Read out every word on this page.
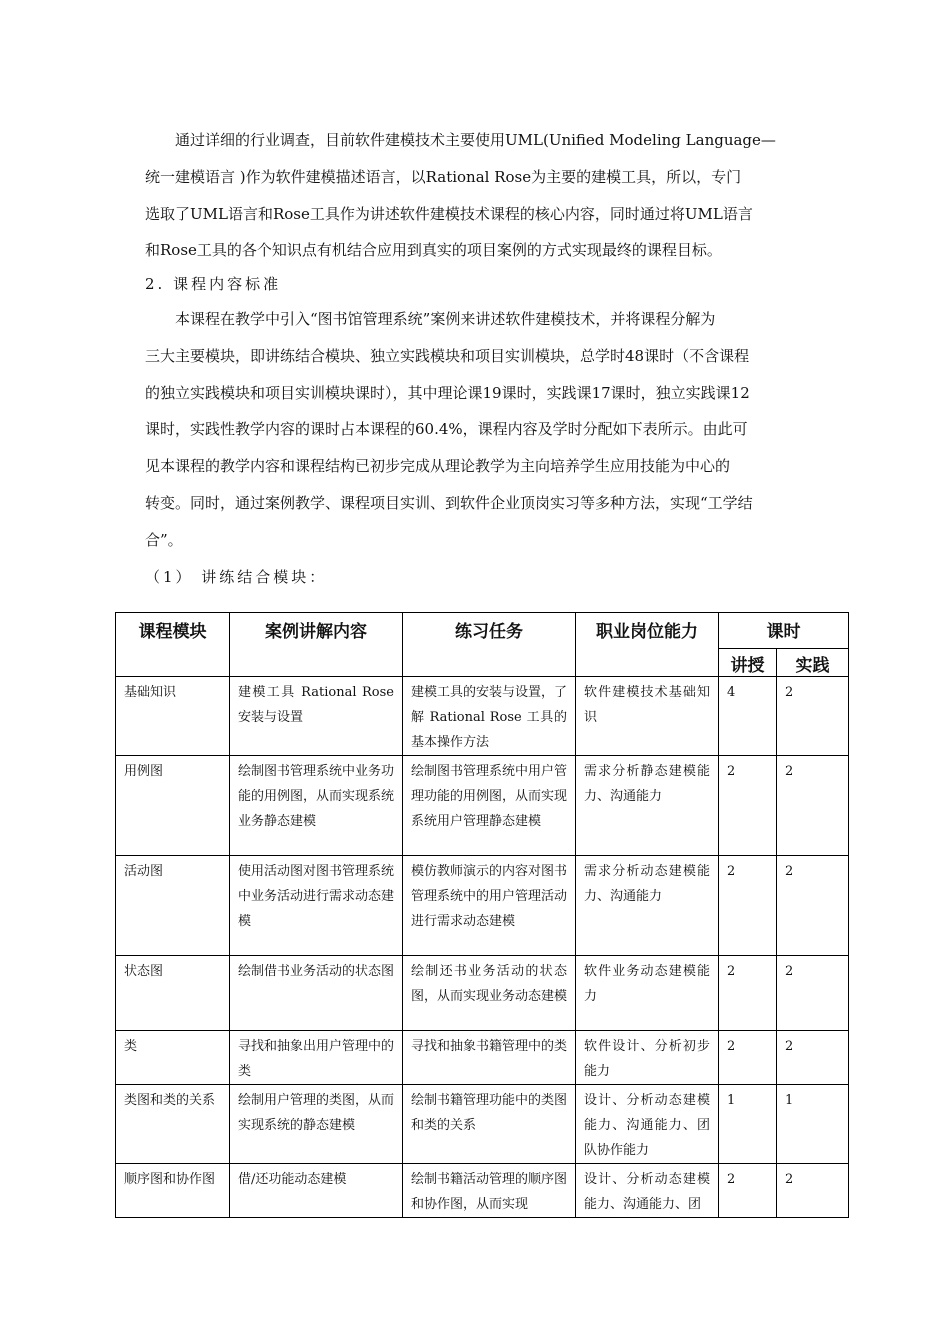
通过详细的行业调查，目前软件建模技术主要使用UML(Unified Modeling Language—
统一建模语言 )作为软件建模描述语言，以Rational Rose为主要的建模工具，所以，专门
选取了UML语言和Rose工具作为讲述软件建模技术课程的核心内容，同时通过将UML语言
和Rose工具的各个知识点有机结合应用到真实的项目案例的方式实现最终的课程目标。

2. 课程内容标准

本课程在教学中引入“图书馆管理系统”案例来讲述软件建模技术，并将课程分解为
三大主要模块，即讲练结合模块、独立实践模块和项目实训模块，总学时48课时（不含课程
的独立实践模块和项目实训模块课时），其中理论课19课时，实践课17课时，独立实践课12
课时，实践性教学内容的课时占本课程的60.4%，课程内容及学时分配如下表所示。由此可
见本课程的教学内容和课程结构已初步完成从理论教学为主向培养学生应用技能为中心的
转变。同时，通过案例教学、课程项目实训、到软件企业顶岗实习等多种方法，实现“工学结
合”。

（1） 讲练结合模块：

课程模块	案例讲解内容	练习任务	职业岗位能力	课时	
				讲授	实践
基础知识	建模工具 Rational Rose安装与设置	建模工具的安装与设置，了解 Rational Rose 工具的基本操作方法	软件建模技术基础知识	4	2
用例图	绘制图书管理系统中业务功能的用例图，从而实现系统业务静态建模	绘制图书管理系统中用户管理功能的用例图，从而实现系统用户管理静态建模	需求分析静态建模能力、沟通能力	2	2
活动图	使用活动图对图书管理系统中业务活动进行需求动态建模	模仿教师演示的内容对图书管理系统中的用户管理活动进行需求动态建模	需求分析动态建模能力、沟通能力	2	2
状态图	绘制借书业务活动的状态图	绘制还书业务活动的状态图，从而实现业务动态建模	软件业务动态建模能力	2	2
类	寻找和抽象出用户管理中的类	寻找和抽象书籍管理中的类	软件设计、分析初步能力	2	2
类图和类的关系	绘制用户管理的类图，从而实现系统的静态建模	绘制书籍管理功能中的类图和类的关系	设计、分析动态建模能力、沟通能力、团队协作能力	1	1
顺序图和协作图	借/还功能动态建模	绘制书籍活动管理的顺序图和协作图，从而实现	设计、分析动态建模能力、沟通能力、团	2	2
